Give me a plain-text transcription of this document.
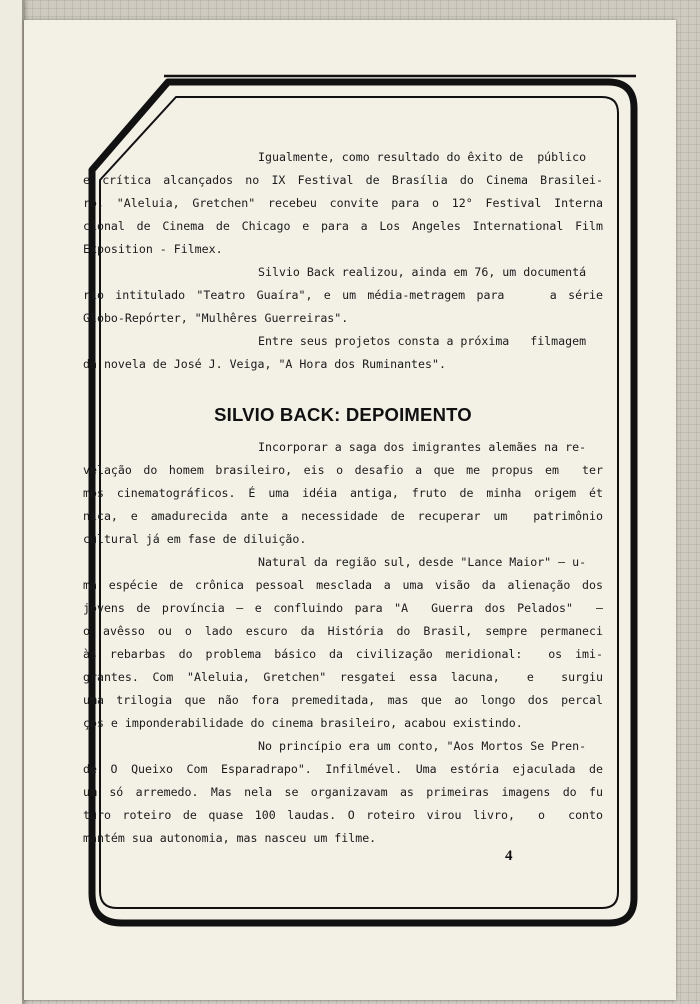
Igualmente, como resultado do êxito de  público
e crítica alcançados no IX Festival de Brasília do Cinema Brasilei-
ro, "Aleluia, Gretchen" recebeu convite para o 12° Festival Interna
cional de Cinema de Chicago e para a Los Angeles International Film
Exposition - Filmex.
Silvio Back realizou, ainda em 76, um documentá
rio intitulado "Teatro Guaíra", e um média-metragem para    a série
Globo-Repórter, "Mulhêres Guerreiras".
Entre seus projetos consta a próxima   filmagem
da novela de José J. Veiga, "A Hora dos Ruminantes".
SILVIO BACK: DEPOIMENTO
Incorporar a saga dos imigrantes alemães na re-
velação do homem brasileiro, eis o desafio a que me propus em  ter
mos cinematográficos. É uma idéia antiga, fruto de minha origem ét
nica, e amadurecida ante a necessidade de recuperar um  patrimônio
cultural já em fase de diluição.
Natural da região sul, desde "Lance Maior" — u-
ma espécie de crônica pessoal mesclada a uma visão da alienação dos
jovens de província — e confluindo para "A  Guerra dos Pelados"  —
o avêsso ou o lado escuro da História do Brasil, sempre permaneci
às rebarbas do problema básico da civilização meridional:  os imi-
grantes. Com "Aleluia, Gretchen" resgatei essa lacuna,  e  surgiu
uma trilogia que não fora premeditada, mas que ao longo dos percal
ços e imponderabilidade do cinema brasileiro, acabou existindo.
No princípio era um conto, "Aos Mortos Se Pren-
de O Queixo Com Esparadrapo". Infilmével. Uma estória ejaculada de
um só arremedo. Mas nela se organizavam as primeiras imagens do fu
turo roteiro de quase 100 laudas. O roteiro virou livro,  o  conto
mantém sua autonomia, mas nasceu um filme.
4
